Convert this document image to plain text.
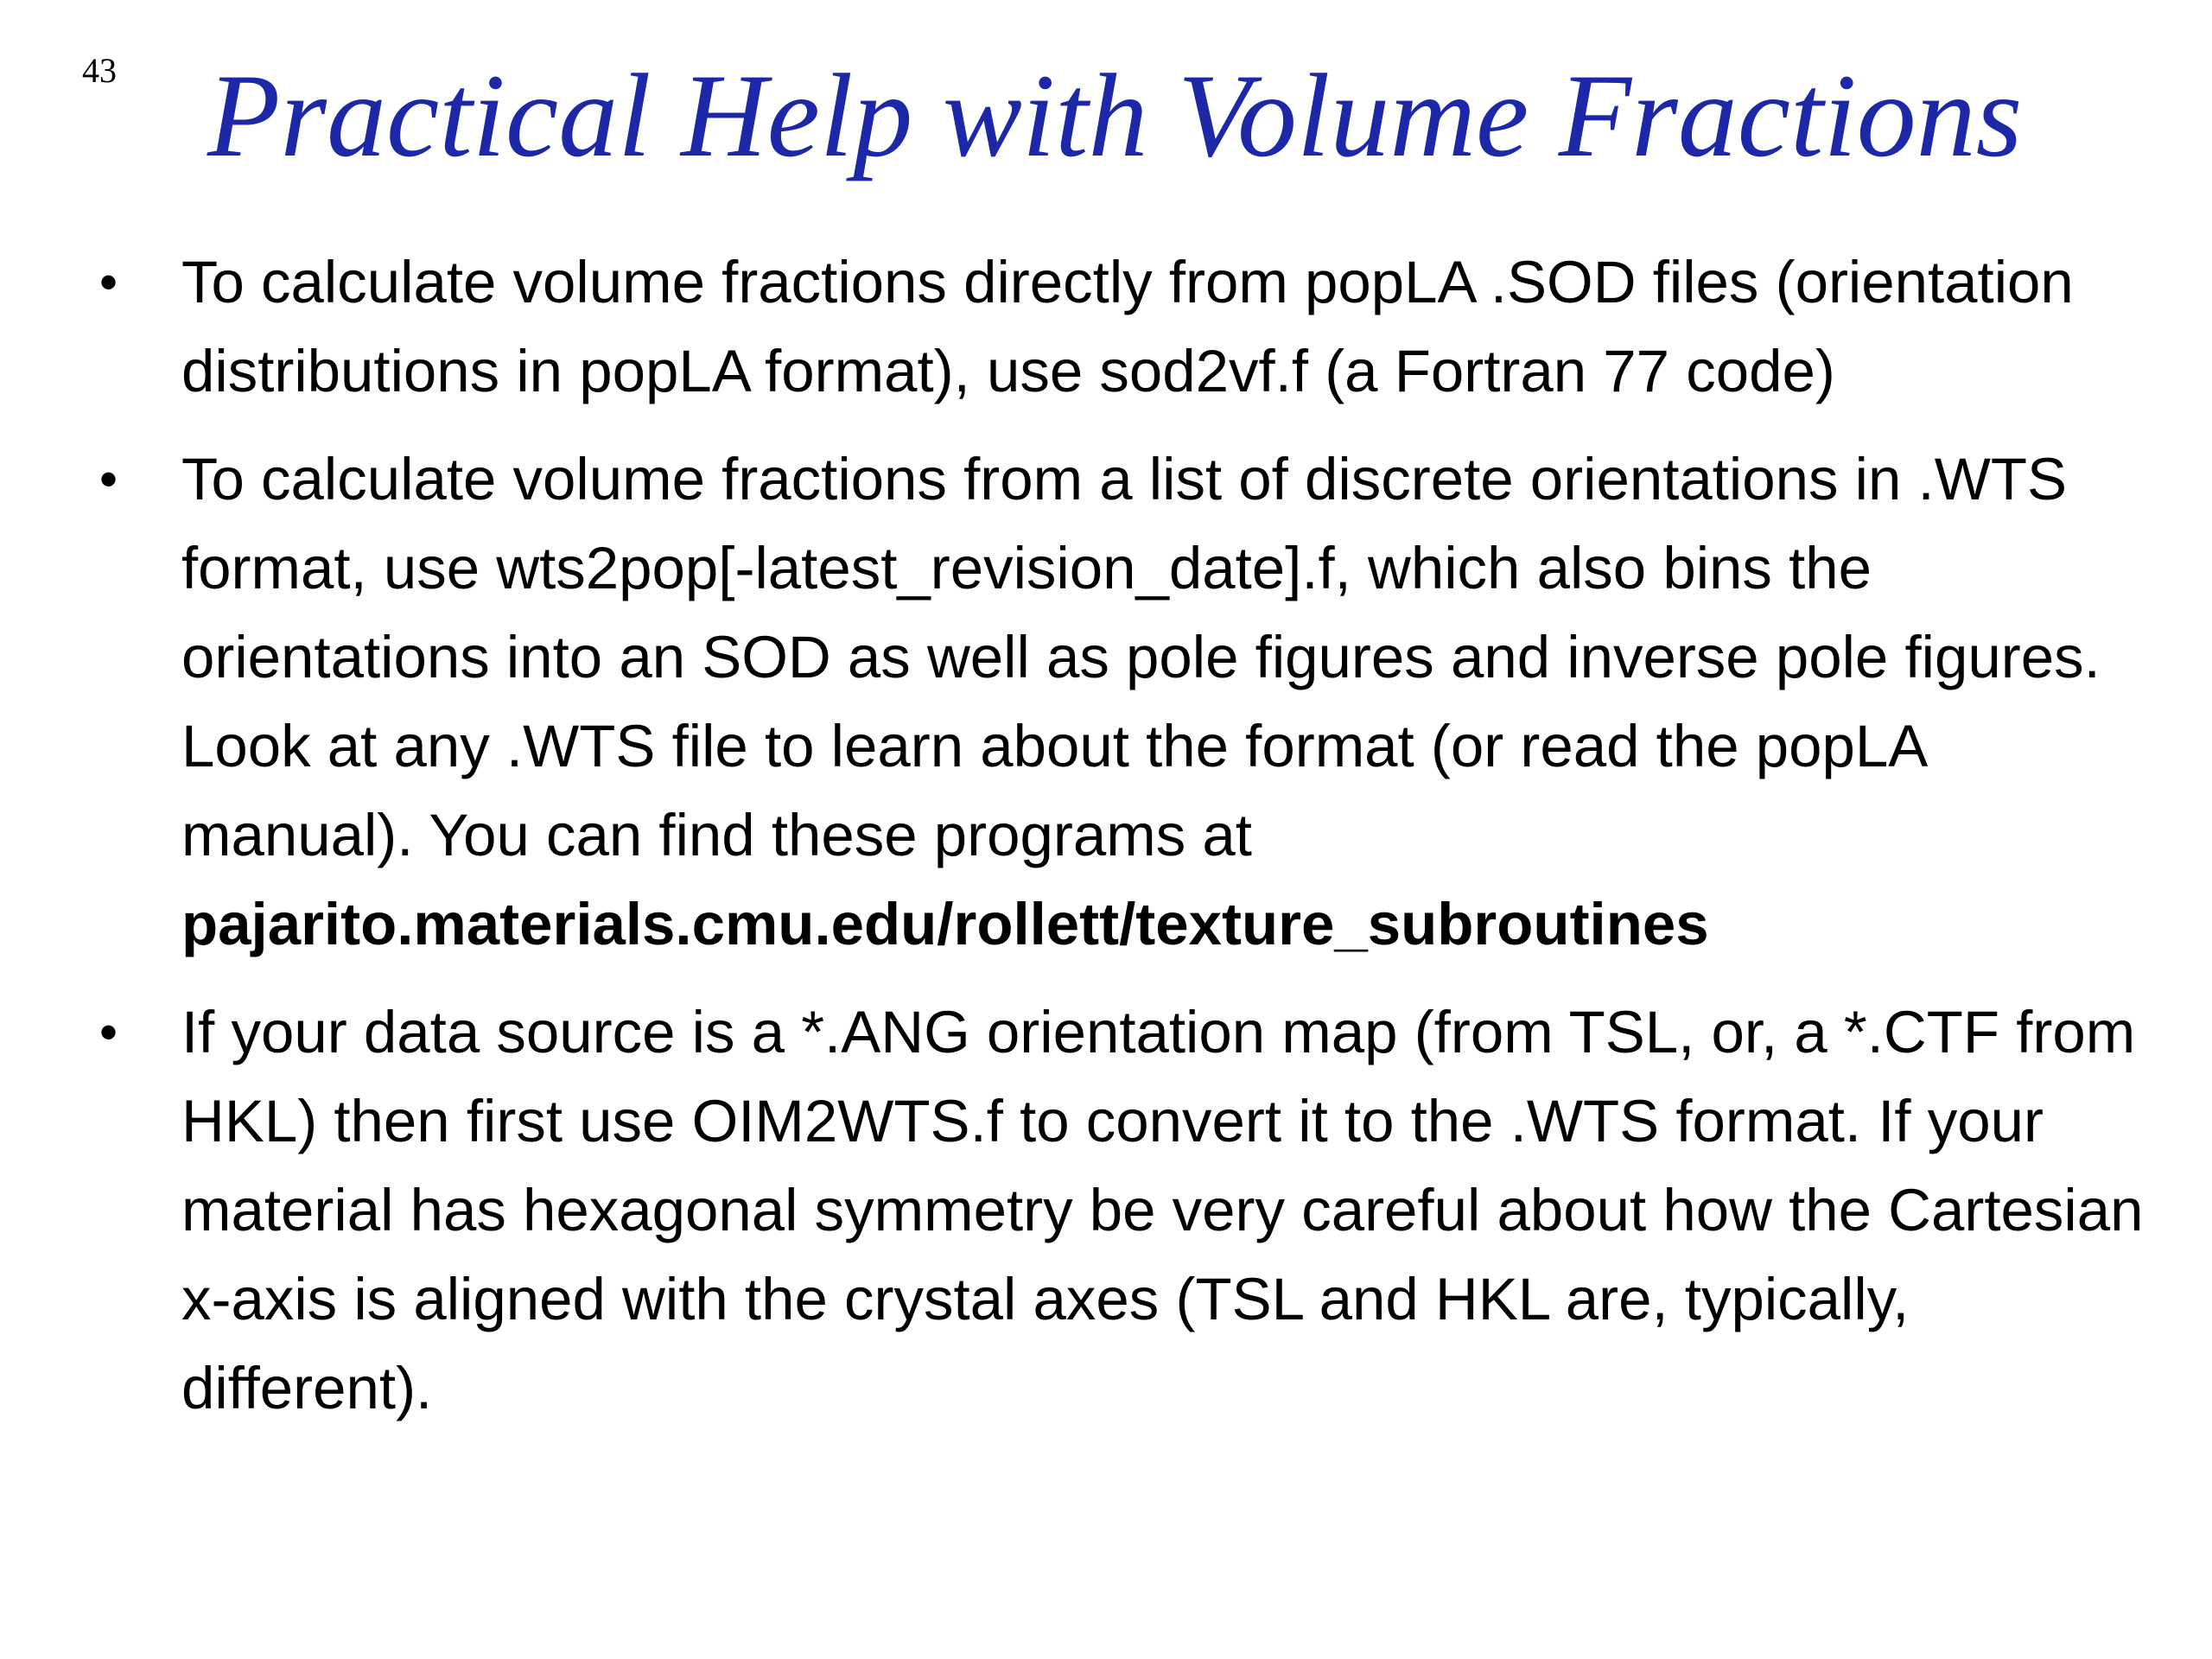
43 Practical Help with Volume Fractions
•	To calculate volume fractions directly from popLA .SOD files (orientation distributions in popLA format), use sod2vf.f (a Fortran 77 code)
•	To calculate volume fractions from a list of discrete orientations in .WTS format, use wts2pop[-latest_revision_date].f, which also bins the orientations into an SOD as well as pole figures and inverse pole figures. Look at any .WTS file to learn about the format (or read the popLA manual). You can find these programs at
pajarito.materials.cmu.edu/rollett/texture_subroutines
•	If your data source is a *.ANG orientation map (from TSL, or, a *.CTF from HKL) then first use OIM2WTS.f to convert it to the .WTS format. If your material has hexagonal symmetry be very careful about how the Cartesian x-axis is aligned with the crystal axes (TSL and HKL are, typically, different).
